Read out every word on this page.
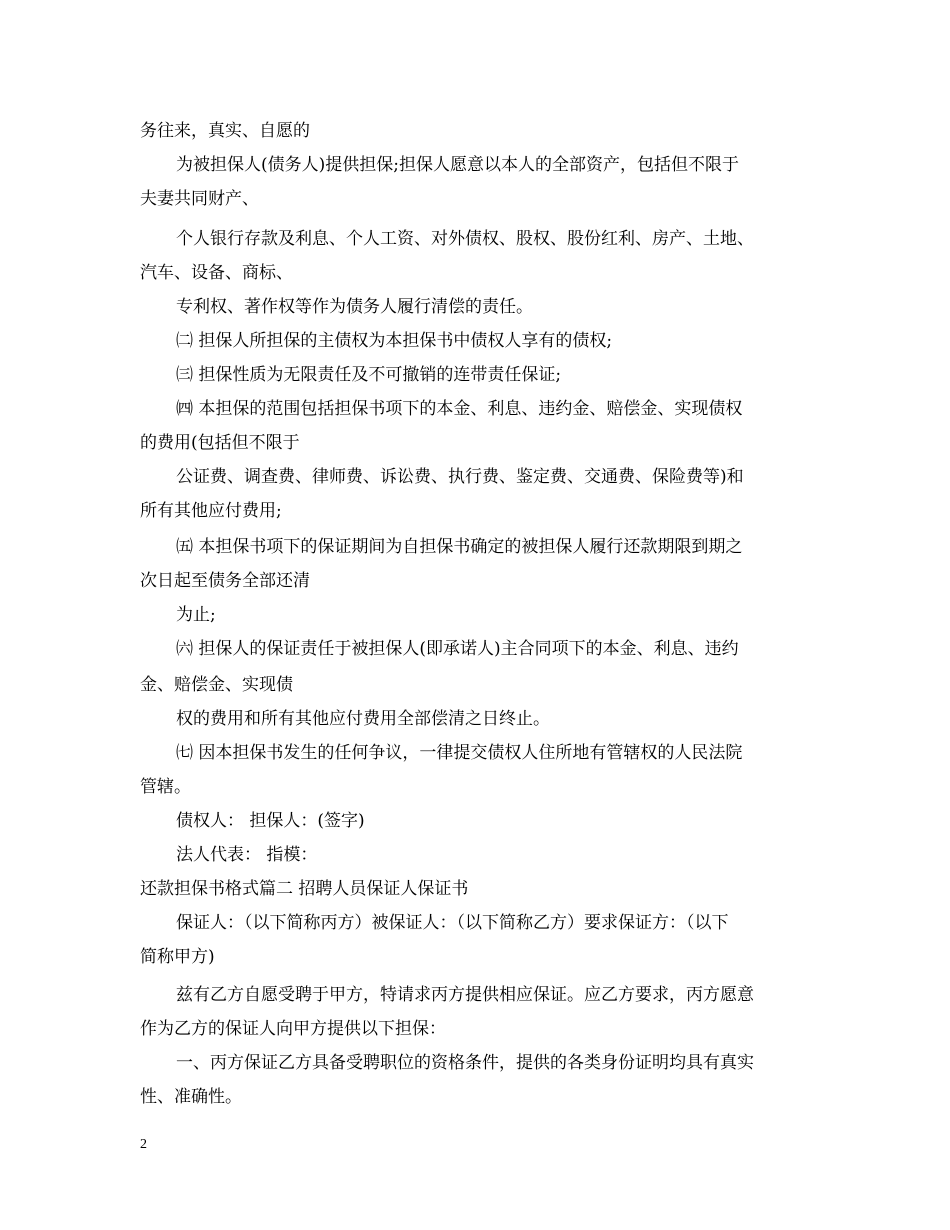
务往来，真实、自愿的
为被担保人(债务人)提供担保;担保人愿意以本人的全部资产，包括但不限于
夫妻共同财产、
个人银行存款及利息、个人工资、对外债权、股权、股份红利、房产、土地、
汽车、设备、商标、
专利权、著作权等作为债务人履行清偿的责任。
㈡ 担保人所担保的主债权为本担保书中债权人享有的债权;
㈢ 担保性质为无限责任及不可撤销的连带责任保证;
㈣ 本担保的范围包括担保书项下的本金、利息、违约金、赔偿金、实现债权
的费用(包括但不限于
公证费、调查费、律师费、诉讼费、执行费、鉴定费、交通费、保险费等)和
所有其他应付费用;
㈤ 本担保书项下的保证期间为自担保书确定的被担保人履行还款期限到期之
次日起至债务全部还清
为止;
㈥ 担保人的保证责任于被担保人(即承诺人)主合同项下的本金、利息、违约
金、赔偿金、实现债
权的费用和所有其他应付费用全部偿清之日终止。
㈦ 因本担保书发生的任何争议，一律提交债权人住所地有管辖权的人民法院
管辖。
债权人： 担保人：(签字)
法人代表： 指模：
还款担保书格式篇二 招聘人员保证人保证书
保证人：（以下简称丙方）被保证人：（以下简称乙方）要求保证方：（以下
简称甲方)
兹有乙方自愿受聘于甲方，特请求丙方提供相应保证。应乙方要求，丙方愿意
作为乙方的保证人向甲方提供以下担保：
一、丙方保证乙方具备受聘职位的资格条件，提供的各类身份证明均具有真实
性、准确性。
2
